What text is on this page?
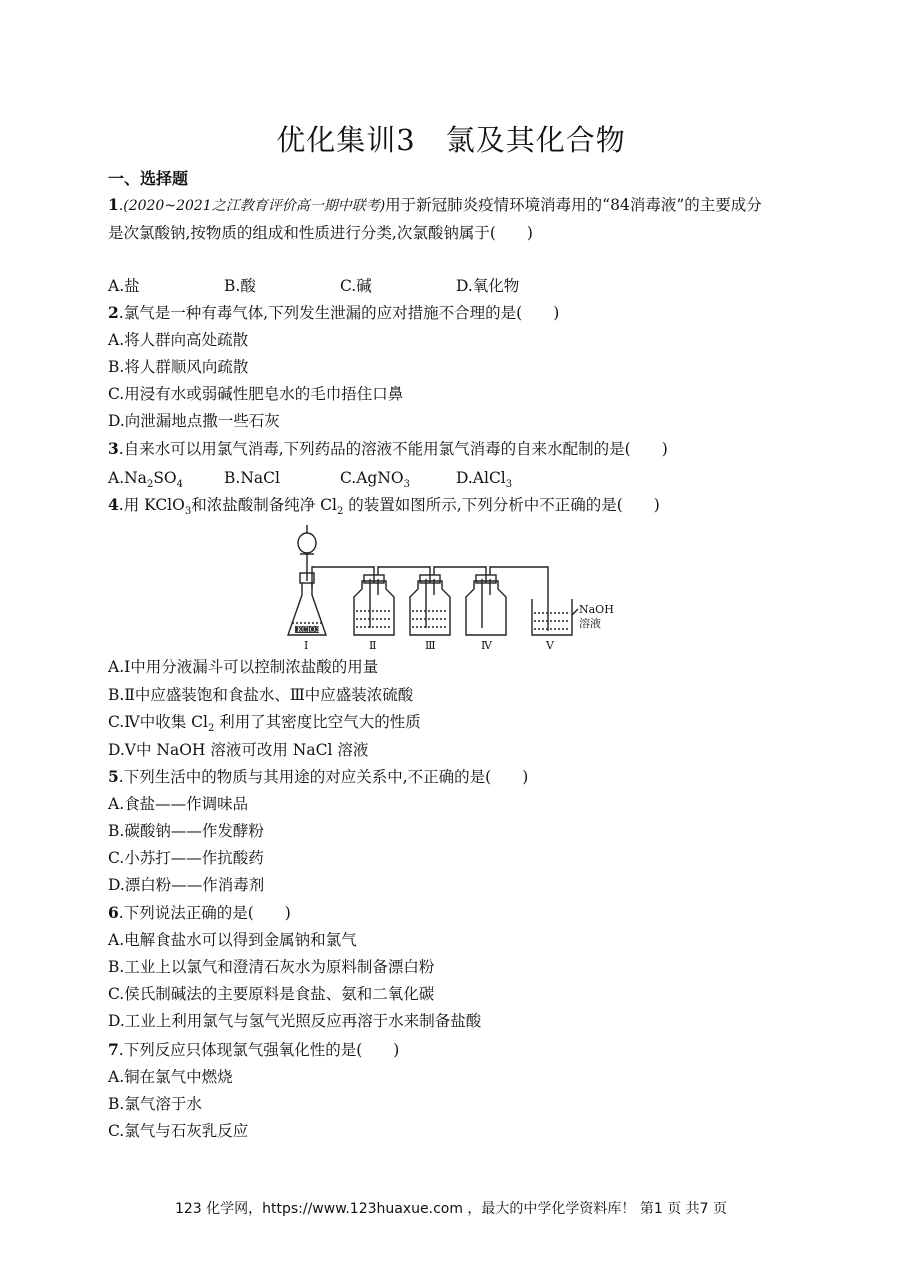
优化集训3　氯及其化合物
一、选择题
1.(2020~2021之江教育评价高一期中联考)用于新冠肺炎疫情环境消毒用的“84消毒液”的主要成分
是次氯酸钠,按物质的组成和性质进行分类,次氯酸钠属于(　　)
A.盐	B.酸	C.碱	D.氧化物
2.氯气是一种有毒气体,下列发生泄漏的应对措施不合理的是(　　)
A.将人群向高处疏散
B.将人群顺风向疏散
C.用浸有水或弱碱性肥皂水的毛巾捂住口鼻
D.向泄漏地点撒一些石灰
3.自来水可以用氯气消毒,下列药品的溶液不能用氯气消毒的自来水配制的是(　　)
$A.Na_2SO_4$	B.NaCl	C.AgNO$_3$	D.AlCl$_3$
4.用 KClO$_3$和浓盐酸制备纯净 $Cl_2$ 的装置如图所示,下列分析中不正确的是(　　)
KClO3
Ⅰ	Ⅱ	Ⅲ	Ⅳ	Ⅴ
NaOH
溶液
A.Ⅰ中用分液漏斗可以控制浓盐酸的用量
B.Ⅱ中应盛装饱和食盐水、Ⅲ中应盛装浓硫酸
C.Ⅳ中收集 $Cl_2$ 利用了其密度比空气大的性质
D.Ⅴ中 NaOH 溶液可改用 NaCl 溶液
5.下列生活中的物质与其用途的对应关系中,不正确的是(　　)
A.食盐——作调味品
B.碳酸钠——作发酵粉
C.小苏打——作抗酸药
D.漂白粉——作消毒剂
6.下列说法正确的是(　　)
A.电解食盐水可以得到金属钠和氯气
B.工业上以氯气和澄清石灰水为原料制备漂白粉
C.侯氏制碱法的主要原料是食盐、氨和二氧化碳
D.工业上利用氯气与氢气光照反应再溶于水来制备盐酸
7.下列反应只体现氯气强氧化性的是(　　)
A.铜在氯气中燃烧
B.氯气溶于水
C.氯气与石灰乳反应
123 化学网，https://www.123huaxue.com ，最大的中学化学资料库！ 第1 页 共7 页
